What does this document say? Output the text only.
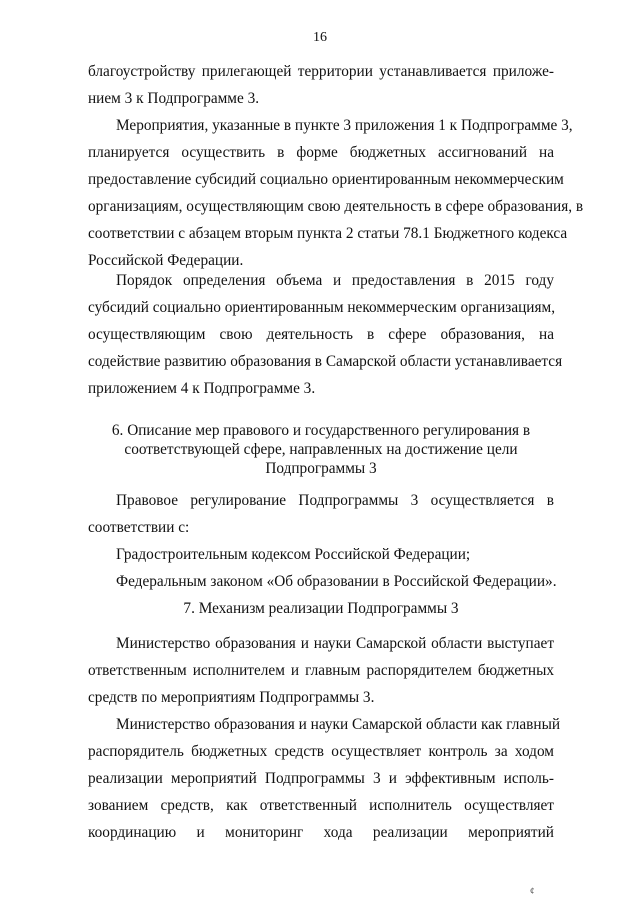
16
благоустройству прилегающей территории устанавливается приложе-
нием 3 к Подпрограмме 3.
Мероприятия, указанные в пункте 3 приложения 1 к Подпрограмме 3,
планируется осуществить в форме бюджетных ассигнований на
предоставление субсидий социально ориентированным некоммерческим
организациям, осуществляющим свою деятельность в сфере образования, в
соответствии с абзацем вторым пункта 2 статьи 78.1 Бюджетного кодекса
Российской Федерации.
Порядок определения объема и предоставления в 2015 году
субсидий социально ориентированным некоммерческим организациям,
осуществляющим свою деятельность в сфере образования, на
содействие развитию образования в Самарской области устанавливается
приложением 4 к Подпрограмме 3.
6. Описание мер правового и государственного регулирования в
соответствующей сфере, направленных на достижение цели
Подпрограммы 3
Правовое регулирование Подпрограммы 3 осуществляется в
соответствии с:
Градостроительным кодексом Российской Федерации;
Федеральным законом «Об образовании в Российской Федерации».
7. Механизм реализации Подпрограммы 3
Министерство образования и науки Самарской области выступает
ответственным исполнителем и главным распорядителем бюджетных
средств по мероприятиям Подпрограммы 3.
Министерство образования и науки Самарской области как главный
распорядитель бюджетных средств осуществляет контроль за ходом
реализации мероприятий Подпрограммы 3 и эффективным исполь-
зованием средств, как ответственный исполнитель осуществляет
координацию и мониторинг хода реализации мероприятий
¢
